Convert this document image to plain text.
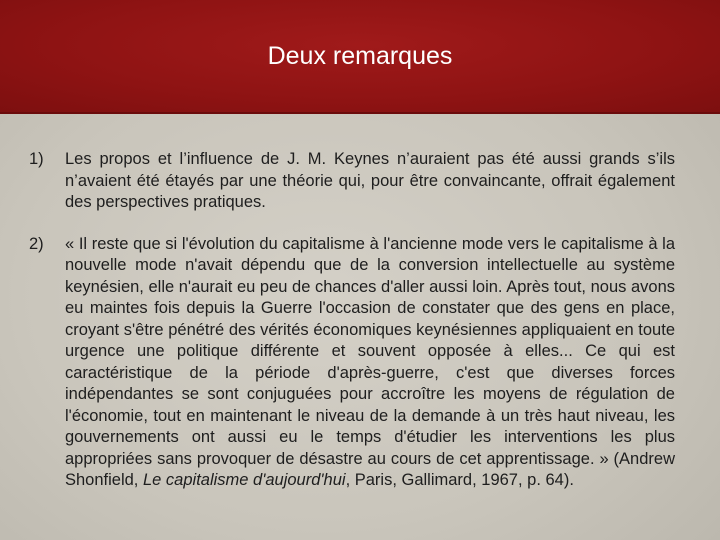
Deux remarques
1) Les propos et l’influence de J. M. Keynes n’auraient pas été aussi grands s’ils n’avaient été étayés par une théorie qui, pour être convaincante, offrait également des perspectives pratiques.
2) « Il reste que si l'évolution du capitalisme à l'ancienne mode vers le capitalisme à la nouvelle mode n'avait dépendu que de la conversion intellectuelle au système keynésien, elle n'aurait eu peu de chances d'aller aussi loin. Après tout, nous avons eu maintes fois depuis la Guerre l'occasion de constater que des gens en place, croyant s'être pénétré des vérités économiques keynésiennes appliquaient en toute urgence une politique différente et souvent opposée à elles... Ce qui est caractéristique de la période d'après-guerre, c'est que diverses forces indépendantes se sont conjuguées pour accroître les moyens de régulation de l'économie, tout en maintenant le niveau de la demande à un très haut niveau, les gouvernements ont aussi eu le temps d'étudier les interventions les plus appropriées sans provoquer de désastre au cours de cet apprentissage. » (Andrew Shonfield, Le capitalisme d'aujourd'hui, Paris, Gallimard, 1967, p. 64).
